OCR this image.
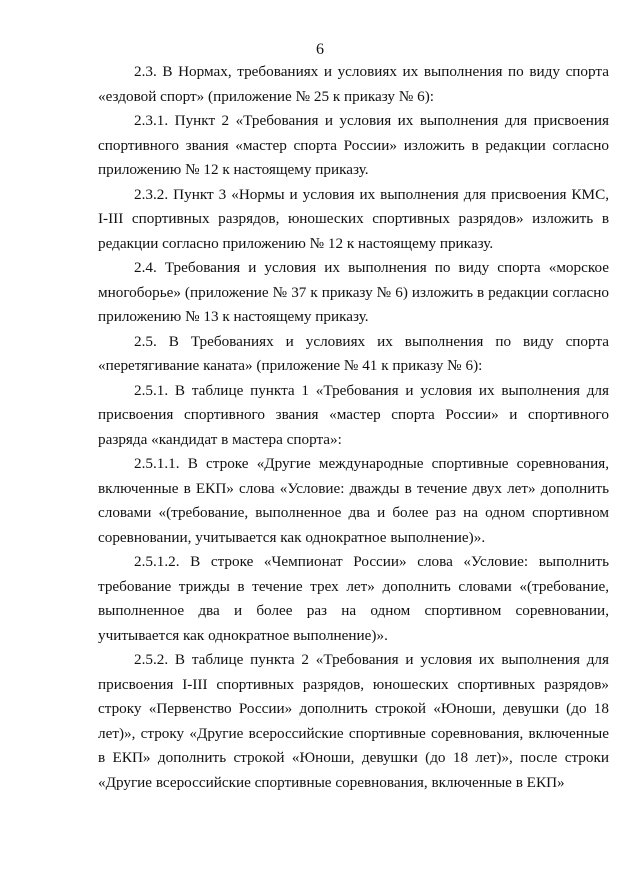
6

2.3. В Нормах, требованиях и условиях их выполнения по виду спорта «ездовой спорт» (приложение № 25 к приказу № 6):

2.3.1. Пункт 2 «Требования и условия их выполнения для присвоения спортивного звания «мастер спорта России» изложить в редакции согласно приложению № 12 к настоящему приказу.

2.3.2. Пункт 3 «Нормы и условия их выполнения для присвоения КМС, I-III спортивных разрядов, юношеских спортивных разрядов» изложить в редакции согласно приложению № 12 к настоящему приказу.

2.4. Требования и условия их выполнения по виду спорта «морское многоборье» (приложение № 37 к приказу № 6) изложить в редакции согласно приложению № 13 к настоящему приказу.

2.5. В Требованиях и условиях их выполнения по виду спорта «перетягивание каната» (приложение № 41 к приказу № 6):

2.5.1. В таблице пункта 1 «Требования и условия их выполнения для присвоения спортивного звания «мастер спорта России» и спортивного разряда «кандидат в мастера спорта»:

2.5.1.1. В строке «Другие международные спортивные соревнования, включенные в ЕКП» слова «Условие: дважды в течение двух лет» дополнить словами «(требование, выполненное два и более раз на одном спортивном соревновании, учитывается как однократное выполнение)».

2.5.1.2. В строке «Чемпионат России» слова «Условие: выполнить требование трижды в течение трех лет» дополнить словами «(требование, выполненное два и более раз на одном спортивном соревновании, учитывается как однократное выполнение)».

2.5.2. В таблице пункта 2 «Требования и условия их выполнения для присвоения I-III спортивных разрядов, юношеских спортивных разрядов» строку «Первенство России» дополнить строкой «Юноши, девушки (до 18 лет)», строку «Другие всероссийские спортивные соревнования, включенные в ЕКП» дополнить строкой «Юноши, девушки (до 18 лет)», после строки «Другие всероссийские спортивные соревнования, включенные в ЕКП»
